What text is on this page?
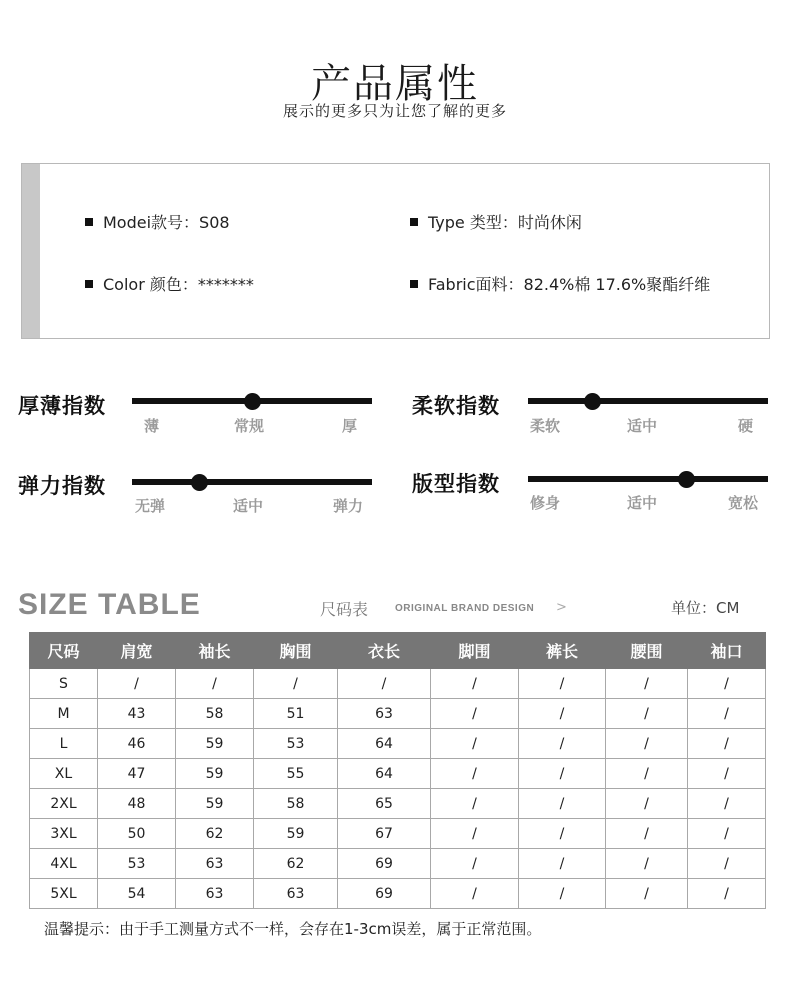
产品属性
展示的更多只为让您了解的更多
Modei款号：S08	Type 类型：时尚休闲
Color 颜色：*******	Fabric面料：82.4%棉 17.6%聚酯纤维
厚薄指数
薄	常规	厚
柔软指数
柔软	适中	硬
弹力指数
无弹	适中	弹力
版型指数
修身	适中	宽松
SIZE TABLE	尺码表	ORIGINAL BRAND DESIGN >	单位：CM
尺码	肩宽	袖长	胸围	衣长	脚围	裤长	腰围	袖口
S	/	/	/	/	/	/	/	/
M	43	58	51	63	/	/	/	/
L	46	59	53	64	/	/	/	/
XL	47	59	55	64	/	/	/	/
2XL	48	59	58	65	/	/	/	/
3XL	50	62	59	67	/	/	/	/
4XL	53	63	62	69	/	/	/	/
5XL	54	63	63	69	/	/	/	/
温馨提示：由于手工测量方式不一样，会存在1-3cm误差，属于正常范围。
